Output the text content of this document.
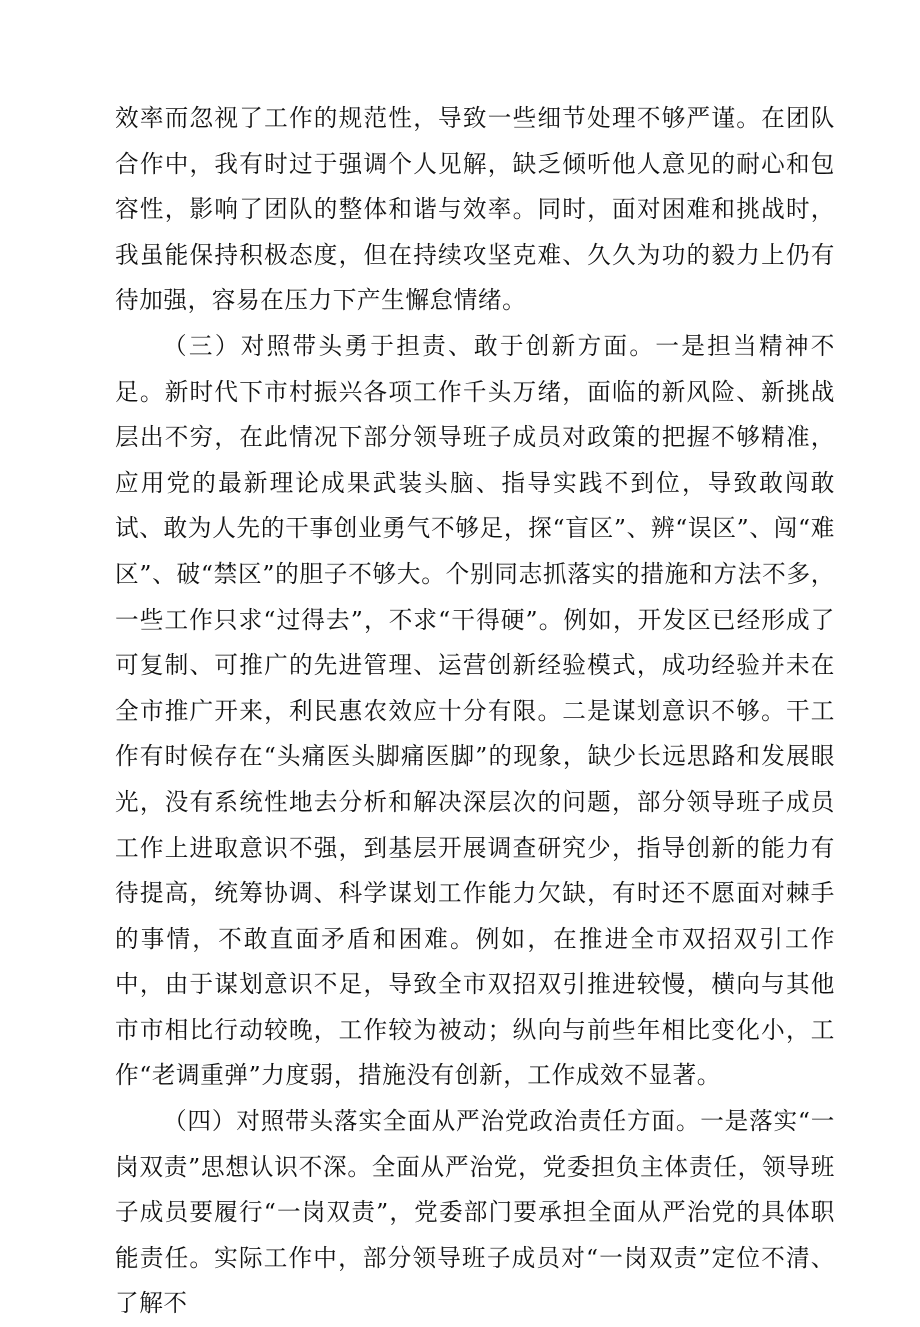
效率而忽视了工作的规范性，导致一些细节处理不够严谨。在团队合作中，我有时过于强调个人见解，缺乏倾听他人意见的耐心和包容性，影响了团队的整体和谐与效率。同时，面对困难和挑战时，我虽能保持积极态度，但在持续攻坚克难、久久为功的毅力上仍有待加强，容易在压力下产生懈怠情绪。

（三）对照带头勇于担责、敢于创新方面。一是担当精神不足。新时代下市村振兴各项工作千头万绪，面临的新风险、新挑战层出不穷，在此情况下部分领导班子成员对政策的把握不够精准，应用党的最新理论成果武装头脑、指导实践不到位，导致敢闯敢试、敢为人先的干事创业勇气不够足，探“盲区”、辨“误区”、闯“难区”、破“禁区”的胆子不够大。个别同志抓落实的措施和方法不多，一些工作只求“过得去”，不求“干得硬”。例如，开发区已经形成了可复制、可推广的先进管理、运营创新经验模式，成功经验并未在全市推广开来，利民惠农效应十分有限。二是谋划意识不够。干工作有时候存在“头痛医头脚痛医脚”的现象，缺少长远思路和发展眼光，没有系统性地去分析和解决深层次的问题，部分领导班子成员工作上进取意识不强，到基层开展调查研究少，指导创新的能力有待提高，统筹协调、科学谋划工作能力欠缺，有时还不愿面对棘手的事情，不敢直面矛盾和困难。例如，在推进全市双招双引工作中，由于谋划意识不足，导致全市双招双引推进较慢，横向与其他市市相比行动较晚，工作较为被动；纵向与前些年相比变化小，工作“老调重弹”力度弱，措施没有创新，工作成效不显著。

（四）对照带头落实全面从严治党政治责任方面。一是落实“一岗双责”思想认识不深。全面从严治党，党委担负主体责任，领导班子成员要履行“一岗双责”，党委部门要承担全面从严治党的具体职能责任。实际工作中，部分领导班子成员对“一岗双责”定位不清、了解不
